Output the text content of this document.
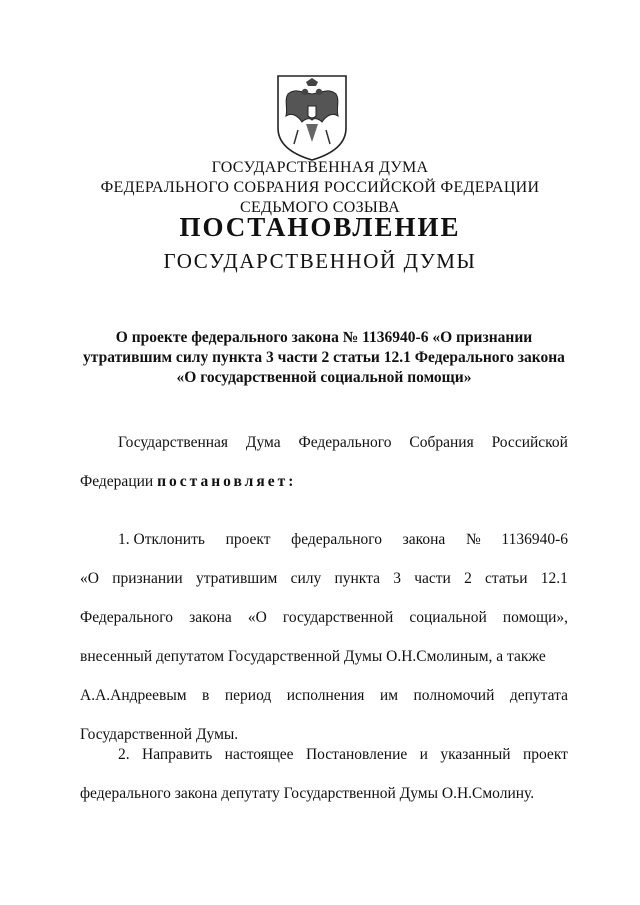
ГОСУДАРСТВЕННАЯ ДУМА
ФЕДЕРАЛЬНОГО СОБРАНИЯ РОССИЙСКОЙ ФЕДЕРАЦИИ
СЕДЬМОГО СОЗЫВА
ПОСТАНОВЛЕНИЕ
ГОСУДАРСТВЕННОЙ ДУМЫ
О проекте федерального закона № 1136940-6 «О признании
утратившим силу пункта 3 части 2 статьи 12.1 Федерального закона
«О государственной социальной помощи»
Государственная Дума Федерального Собрания Российской
Федерации постановляет:
1. Отклонить проект федерального закона № 1136940-6
«О признании утратившим силу пункта 3 части 2 статьи 12.1
Федерального закона «О государственной социальной помощи»,
внесенный депутатом Государственной Думы О.Н.Смолиным, а также
А.А.Андреевым в период исполнения им полномочий депутата
Государственной Думы.
2. Направить настоящее Постановление и указанный проект
федерального закона депутату Государственной Думы О.Н.Смолину.
